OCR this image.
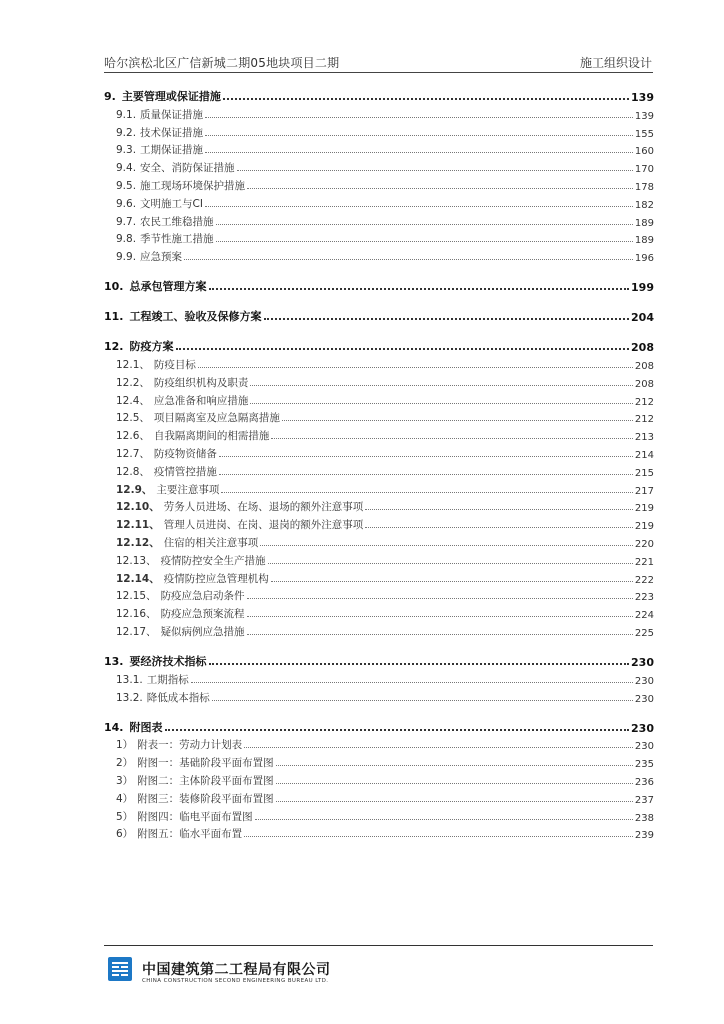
哈尔滨松北区广信新城二期05地块项目二期	施工组织设计
9. 主要管理或保证措施	139
9.1. 质量保证措施	139
9.2. 技术保证措施	155
9.3. 工期保证措施	160
9.4. 安全、消防保证措施	170
9.5. 施工现场环境保护措施	178
9.6. 文明施工与CI	182
9.7. 农民工维稳措施	189
9.8. 季节性施工措施	189
9.9. 应急预案	196
10. 总承包管理方案	199
11. 工程竣工、验收及保修方案	204
12. 防疫方案	208
12.1、 防疫目标	208
12.2、 防疫组织机构及职责	208
12.4、 应急准备和响应措施	212
12.5、 项目隔离室及应急隔离措施	212
12.6、 自我隔离期间的相需措施	213
12.7、 防疫物资储备	214
12.8、 疫情管控措施	215
12.9、 主要注意事项	217
12.10、 劳务人员进场、在场、退场的额外注意事项	219
12.11、 管理人员进岗、在岗、退岗的额外注意事项	219
12.12、 住宿的相关注意事项	220
12.13、 疫情防控安全生产措施	221
12.14、 疫情防控应急管理机构	222
12.15、 防疫应急启动条件	223
12.16、 防疫应急预案流程	224
12.17、 疑似病例应急措施	225
13. 要经济技术指标	230
13.1. 工期指标	230
13.2. 降低成本指标	230
14. 附图表	230
1） 附表一：劳动力计划表	230
2） 附图一：基础阶段平面布置图	235
3） 附图二：主体阶段平面布置图	236
4） 附图三：装修阶段平面布置图	237
5） 附图四：临电平面布置图	238
6） 附图五：临水平面布置	239
中国建筑第二工程局有限公司
CHINA CONSTRUCTION SECOND ENGINEERING BUREAU LTD.
